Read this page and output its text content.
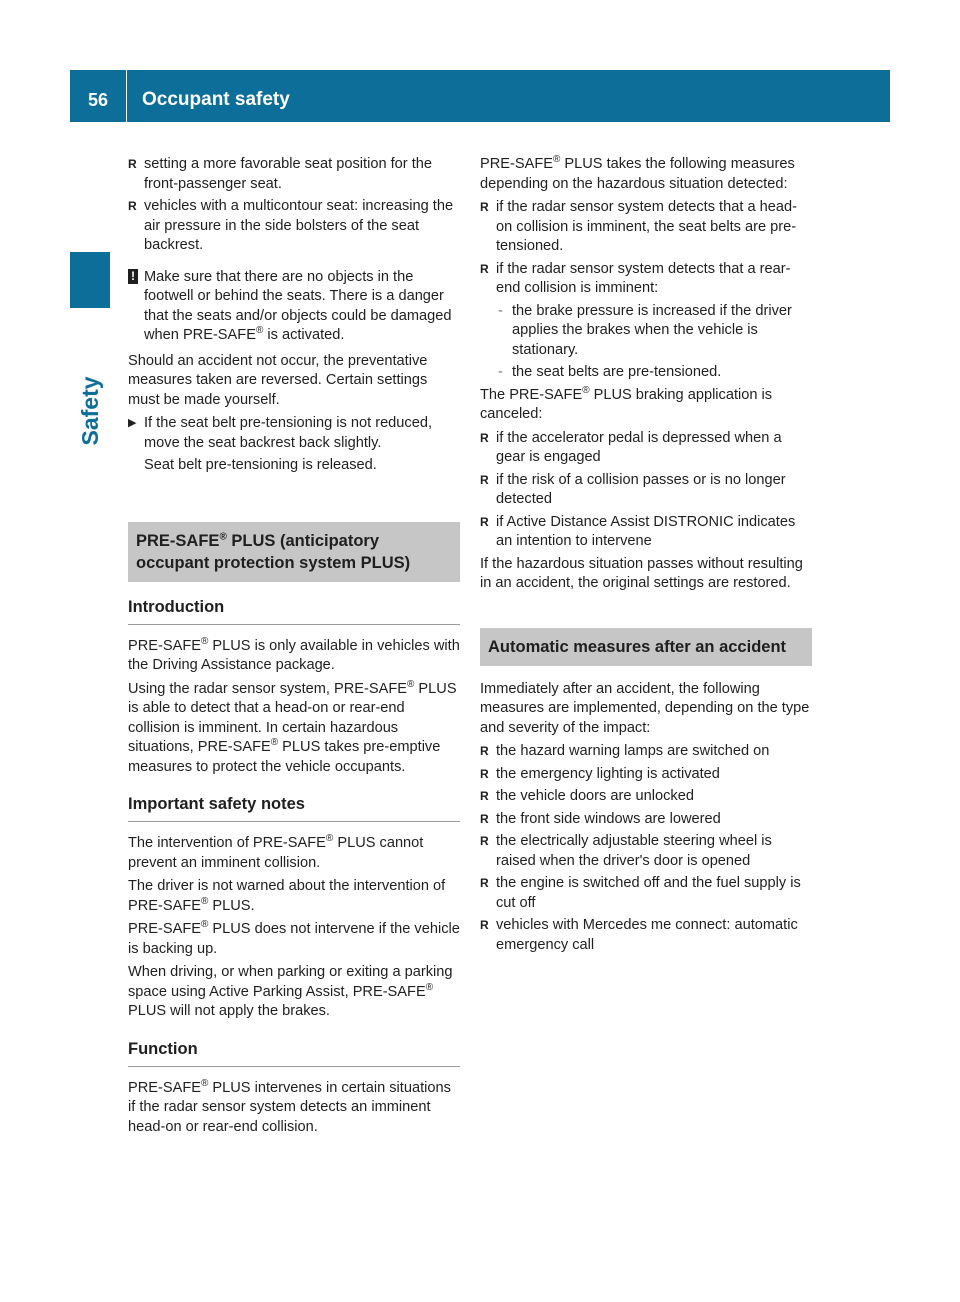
56	Occupant safety
Safety
R setting a more favorable seat position for the front-passenger seat.
R vehicles with a multicontour seat: increasing the air pressure in the side bolsters of the seat backrest.
! Make sure that there are no objects in the footwell or behind the seats. There is a danger that the seats and/or objects could be damaged when PRE-SAFE® is activated.

Should an accident not occur, the preventative measures taken are reversed. Certain settings must be made yourself.

▶ If the seat belt pre-tensioning is not reduced, move the seat backrest back slightly.

Seat belt pre-tensioning is released.

PRE-SAFE® PLUS (anticipatory occupant protection system PLUS)
Introduction

PRE-SAFE® PLUS is only available in vehicles with the Driving Assistance package.

Using the radar sensor system, PRE-SAFE® PLUS is able to detect that a head-on or rear-end collision is imminent. In certain hazardous situations, PRE-SAFE® PLUS takes pre-emptive measures to protect the vehicle occupants.

Important safety notes

The intervention of PRE-SAFE® PLUS cannot prevent an imminent collision.

The driver is not warned about the intervention of PRE-SAFE® PLUS.

PRE-SAFE® PLUS does not intervene if the vehicle is backing up.

When driving, or when parking or exiting a parking space using Active Parking Assist, PRE-SAFE® PLUS will not apply the brakes.

Function

PRE-SAFE® PLUS intervenes in certain situations if the radar sensor system detects an imminent head-on or rear-end collision.

PRE-SAFE® PLUS takes the following measures depending on the hazardous situation detected:

R if the radar sensor system detects that a head-on collision is imminent, the seat belts are pre-tensioned.
R if the radar sensor system detects that a rear-end collision is imminent:
- the brake pressure is increased if the driver applies the brakes when the vehicle is stationary.
- the seat belts are pre-tensioned.

The PRE-SAFE® PLUS braking application is canceled:

R if the accelerator pedal is depressed when a gear is engaged
R if the risk of a collision passes or is no longer detected
R if Active Distance Assist DISTRONIC indicates an intention to intervene

If the hazardous situation passes without resulting in an accident, the original settings are restored.

Automatic measures after an accident

Immediately after an accident, the following measures are implemented, depending on the type and severity of the impact:

R the hazard warning lamps are switched on
R the emergency lighting is activated
R the vehicle doors are unlocked
R the front side windows are lowered
R the electrically adjustable steering wheel is raised when the driver's door is opened
R the engine is switched off and the fuel supply is cut off
R vehicles with Mercedes me connect: automatic emergency call
